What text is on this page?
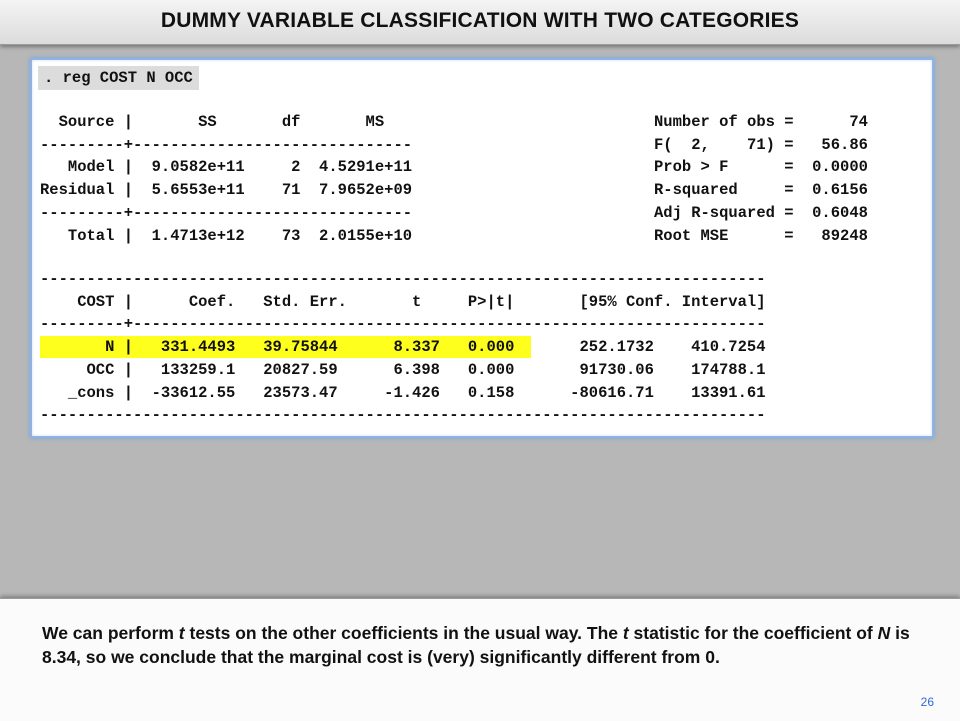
DUMMY VARIABLE CLASSIFICATION WITH TWO CATEGORIES
. reg COST N OCC
Source |       SS       df       MS
---------+------------------------------
Model |  9.0582e+11     2  4.5291e+11
Residual |  5.6553e+11    71  7.9652e+09
---------+------------------------------
Total |  1.4713e+12    73  2.0155e+10
Number of obs =      74
F(  2,    71) =   56.86
Prob > F      =  0.0000
R-squared     =  0.6156
Adj R-squared =  0.6048
Root MSE      =   89248
------------------------------------------------------------------------------
COST |      Coef.   Std. Err.       t     P>|t|       [95% Conf. Interval]
---------+--------------------------------------------------------------------
N |   331.4493   39.75844      8.337   0.000       252.1732    410.7254
OCC |   133259.1   20827.59      6.398   0.000       91730.06    174788.1
_cons |  -33612.55   23573.47     -1.426   0.158      -80616.71    13391.61
------------------------------------------------------------------------------

We can perform t tests on the other coefficients in the usual way. The t statistic for the coefficient of N is 8.34, so we conclude that the marginal cost is (very) significantly different from 0.

26
